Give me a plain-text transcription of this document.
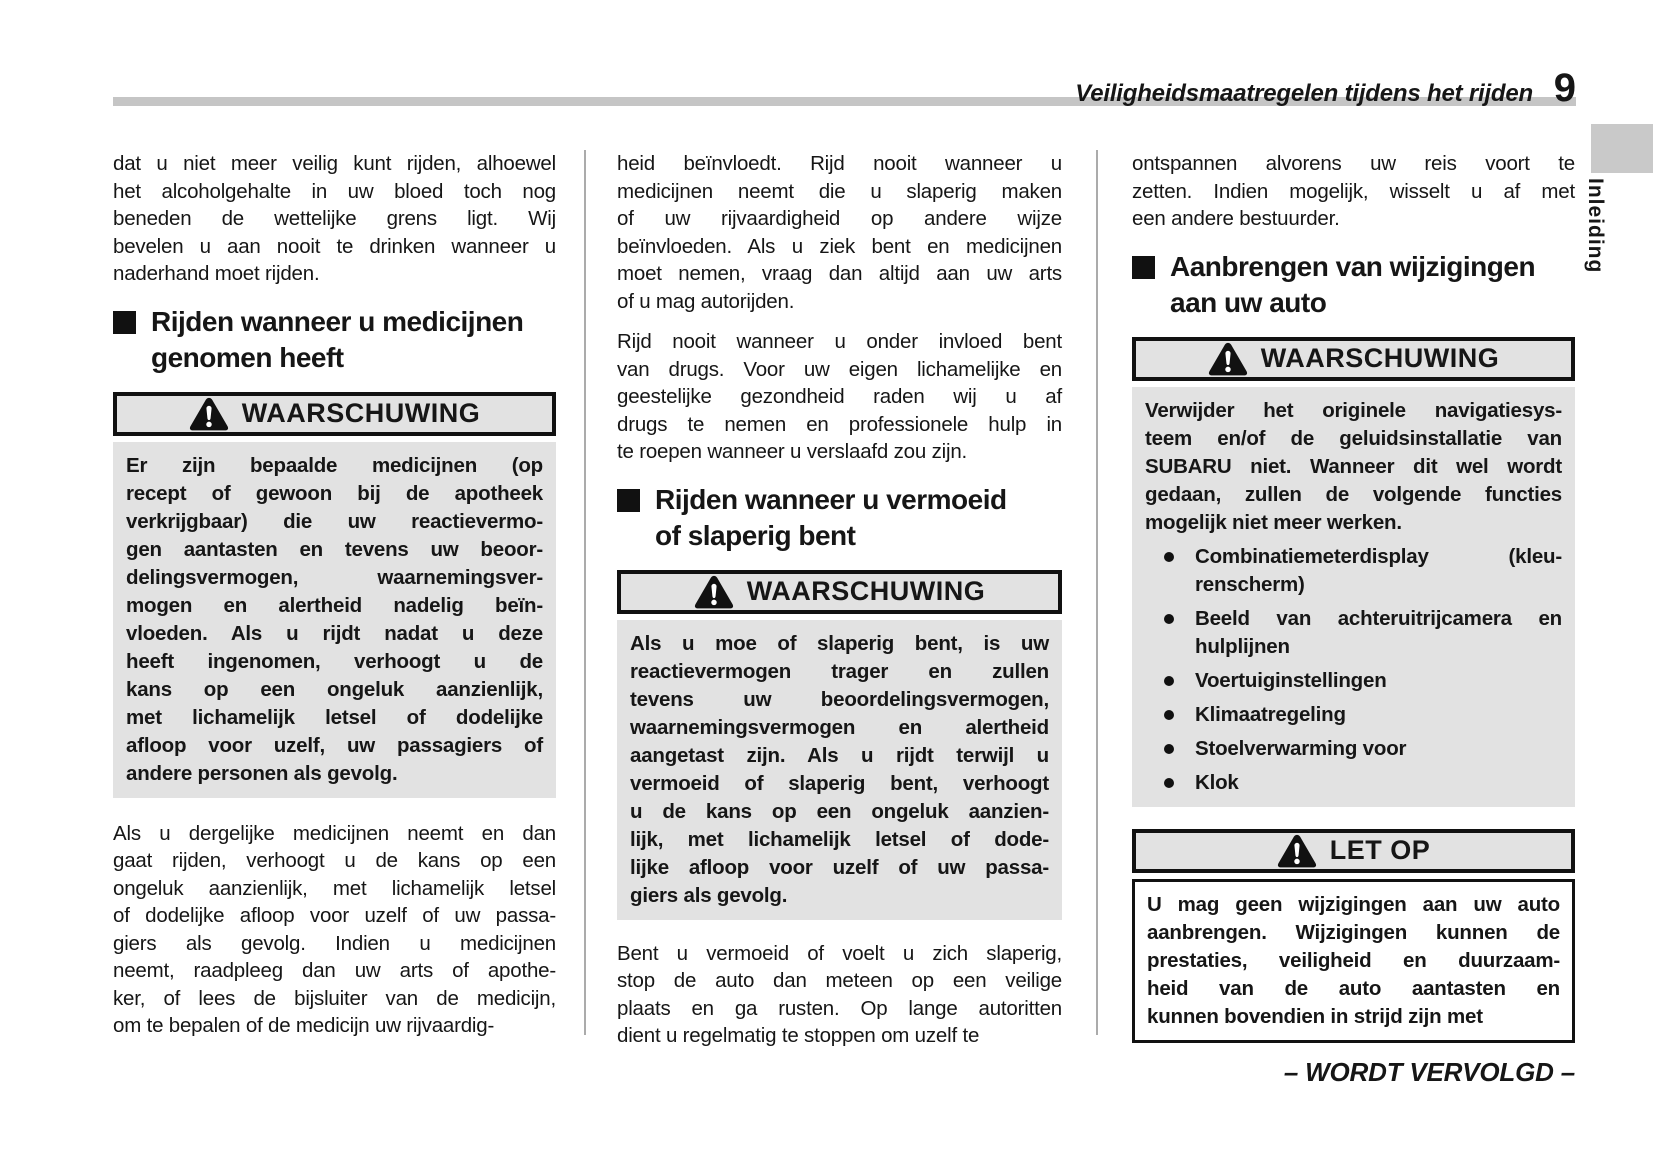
Veiligheidsmaatregelen tijdens het rijden 9
Inleiding
dat u niet meer veilig kunt rijden, alhoewel
het alcoholgehalte in uw bloed toch nog
beneden de wettelijke grens ligt. Wij
bevelen u aan nooit te drinken wanneer u
naderhand moet rijden.
Rijden wanneer u medicijnen
genomen heeft
WAARSCHUWING
Er zijn bepaalde medicijnen (op
recept of gewoon bij de apotheek
verkrijgbaar) die uw reactievermo-
gen aantasten en tevens uw beoor-
delingsvermogen, waarnemingsver-
mogen en alertheid nadelig beïn-
vloeden. Als u rijdt nadat u deze
heeft ingenomen, verhoogt u de
kans op een ongeluk aanzienlijk,
met lichamelijk letsel of dodelijke
afloop voor uzelf, uw passagiers of
andere personen als gevolg.
Als u dergelijke medicijnen neemt en dan
gaat rijden, verhoogt u de kans op een
ongeluk aanzienlijk, met lichamelijk letsel
of dodelijke afloop voor uzelf of uw passa-
giers als gevolg. Indien u medicijnen
neemt, raadpleeg dan uw arts of apothe-
ker, of lees de bijsluiter van de medicijn,
om te bepalen of de medicijn uw rijvaardig-
heid beïnvloedt. Rijd nooit wanneer u
medicijnen neemt die u slaperig maken
of uw rijvaardigheid op andere wijze
beïnvloeden. Als u ziek bent en medicijnen
moet nemen, vraag dan altijd aan uw arts
of u mag autorijden.
Rijd nooit wanneer u onder invloed bent
van drugs. Voor uw eigen lichamelijke en
geestelijke gezondheid raden wij u af
drugs te nemen en professionele hulp in
te roepen wanneer u verslaafd zou zijn.
Rijden wanneer u vermoeid
of slaperig bent
WAARSCHUWING
Als u moe of slaperig bent, is uw
reactievermogen trager en zullen
tevens uw beoordelingsvermogen,
waarnemingsvermogen en alertheid
aangetast zijn. Als u rijdt terwijl u
vermoeid of slaperig bent, verhoogt
u de kans op een ongeluk aanzien-
lijk, met lichamelijk letsel of dode-
lijke afloop voor uzelf of uw passa-
giers als gevolg.
Bent u vermoeid of voelt u zich slaperig,
stop de auto dan meteen op een veilige
plaats en ga rusten. Op lange autoritten
dient u regelmatig te stoppen om uzelf te
ontspannen alvorens uw reis voort te
zetten. Indien mogelijk, wisselt u af met
een andere bestuurder.
Aanbrengen van wijzigingen
aan uw auto
WAARSCHUWING
Verwijder het originele navigatiesys-
teem en/of de geluidsinstallatie van
SUBARU niet. Wanneer dit wel wordt
gedaan, zullen de volgende functies
mogelijk niet meer werken.
Combinatiemeterdisplay (kleu-
renscherm)
Beeld van achteruitrijcamera en
hulplijnen
Voertuiginstellingen
Klimaatregeling
Stoelverwarming voor
Klok
LET OP
U mag geen wijzigingen aan uw auto
aanbrengen. Wijzigingen kunnen de
prestaties, veiligheid en duurzaam-
heid van de auto aantasten en
kunnen bovendien in strijd zijn met
– WORDT VERVOLGD –
